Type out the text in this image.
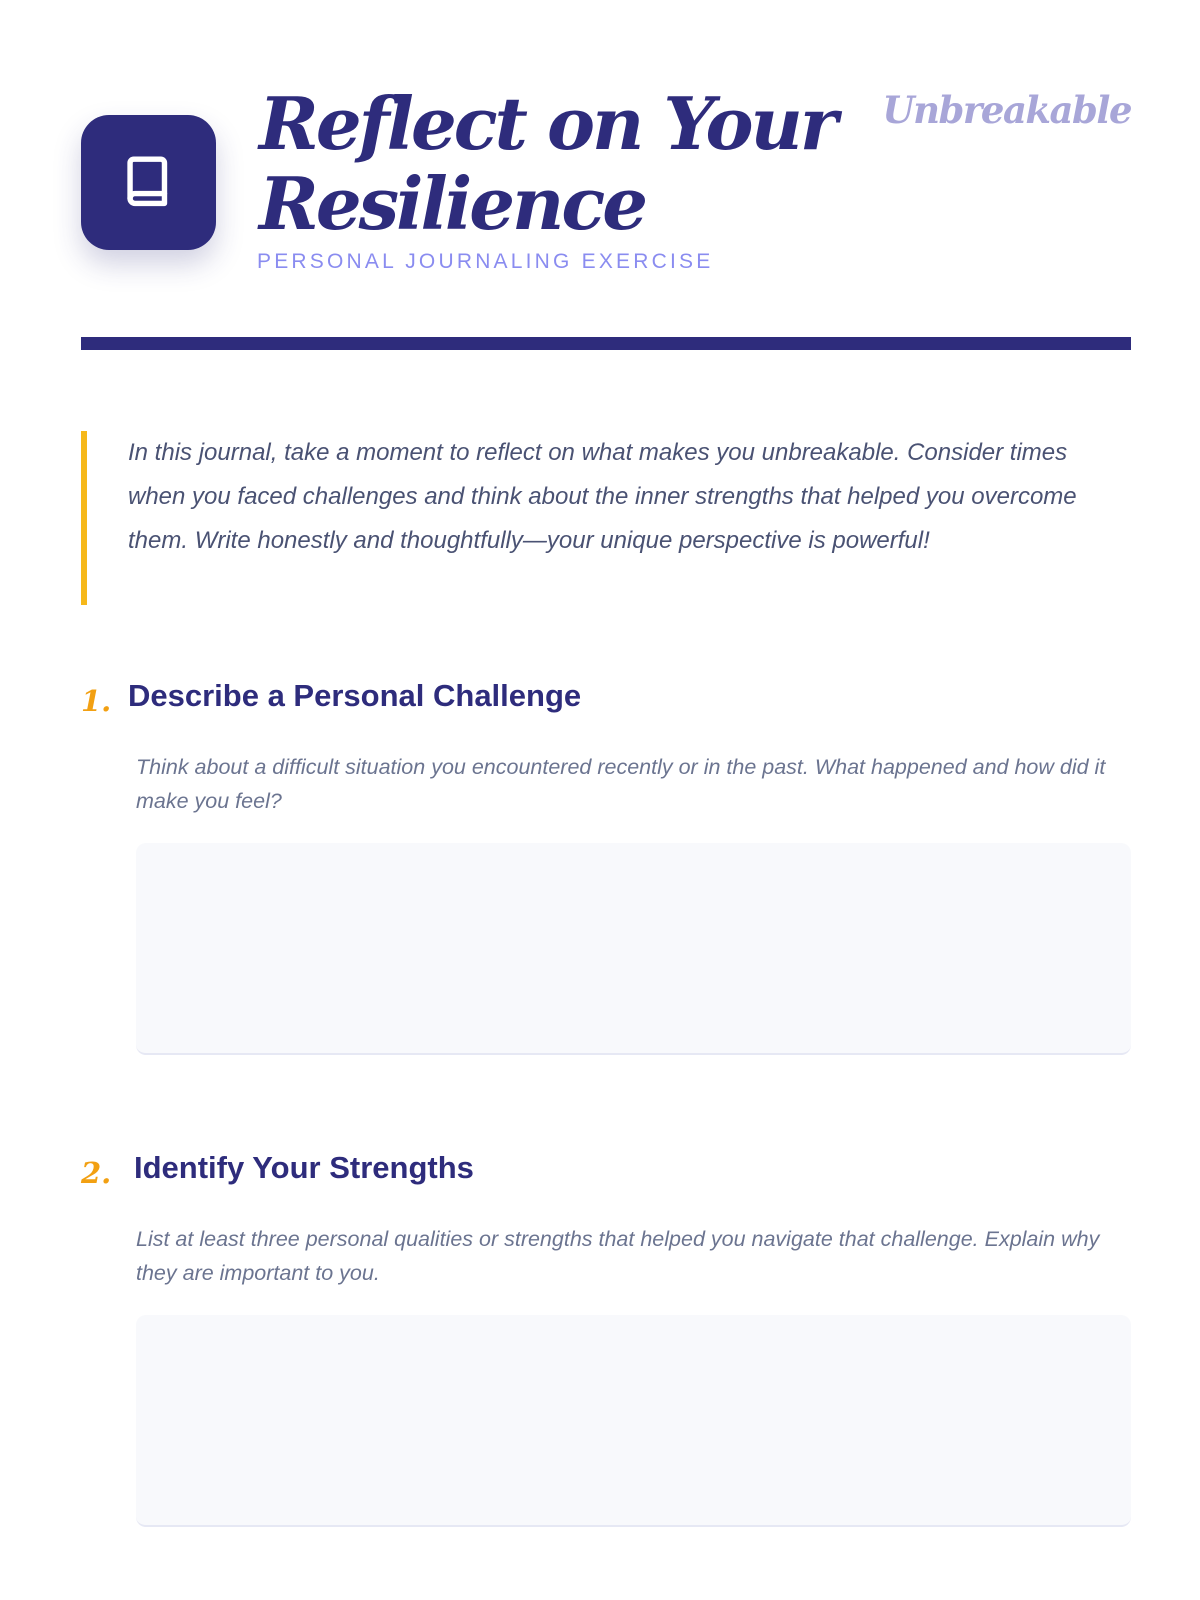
Reflect on Your
Resilience

PERSONAL JOURNALING EXERCISE

Unbreakable

In this journal, take a moment to reflect on what makes you unbreakable. Consider times when you faced challenges and think about the inner strengths that helped you overcome them. Write honestly and thoughtfully—your unique perspective is powerful!

1. Describe a Personal Challenge

Think about a difficult situation you encountered recently or in the past. What happened and how did it make you feel?

2. Identify Your Strengths

List at least three personal qualities or strengths that helped you navigate that challenge. Explain why they are important to you.
